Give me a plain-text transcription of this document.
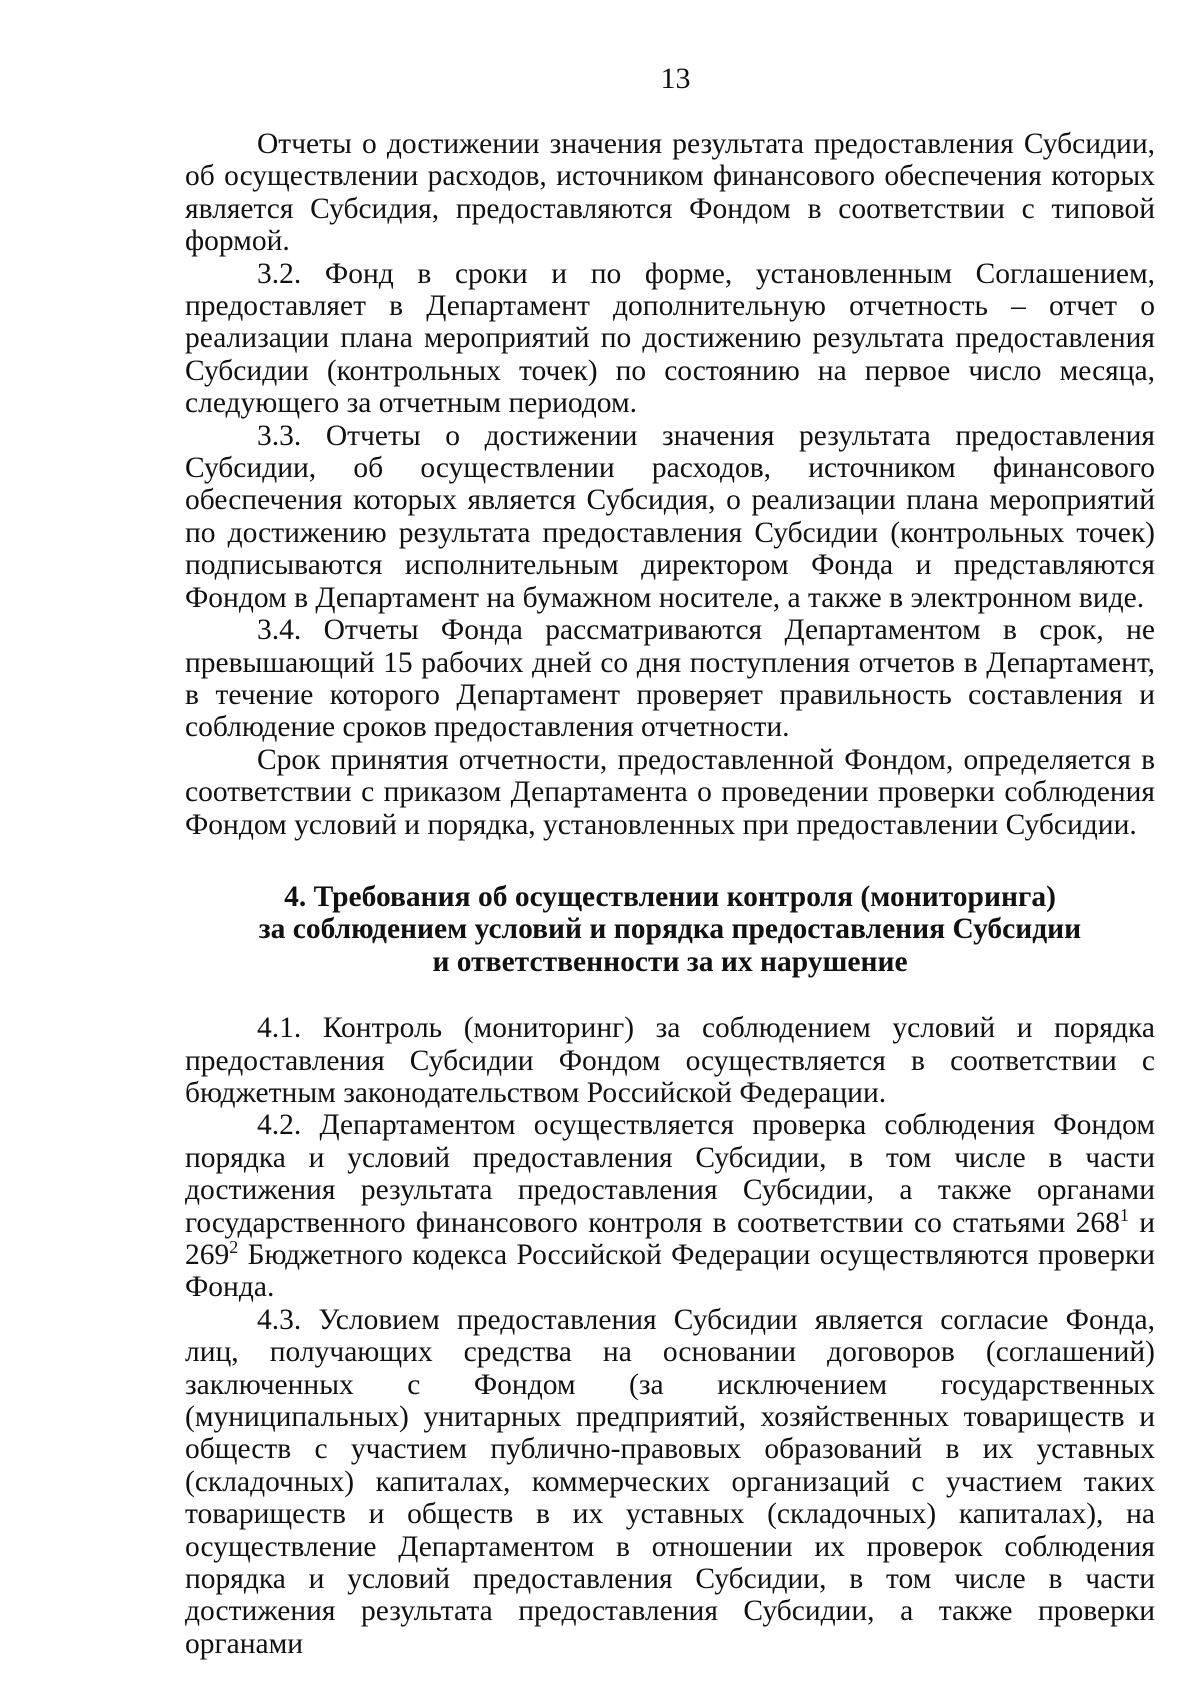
13

Отчеты о достижении значения результата предоставления Субсидии, об осуществлении расходов, источником финансового обеспечения которых является Субсидия, предоставляются Фондом в соответствии с типовой формой.

3.2. Фонд в сроки и по форме, установленным Соглашением, предоставляет в Департамент дополнительную отчетность – отчет о реализации плана мероприятий по достижению результата предоставления Субсидии (контрольных точек) по состоянию на первое число месяца, следующего за отчетным периодом.

3.3. Отчеты о достижении значения результата предоставления Субсидии, об осуществлении расходов, источником финансового обеспечения которых является Субсидия, о реализации плана мероприятий по достижению результата предоставления Субсидии (контрольных точек) подписываются исполнительным директором Фонда и представляются Фондом в Департамент на бумажном носителе, а также в электронном виде.

3.4. Отчеты Фонда рассматриваются Департаментом в срок, не превышающий 15 рабочих дней со дня поступления отчетов в Департамент, в течение которого Департамент проверяет правильность составления и соблюдение сроков предоставления отчетности.

Срок принятия отчетности, предоставленной Фондом, определяется в соответствии с приказом Департамента о проведении проверки соблюдения Фондом условий и порядка, установленных при предоставлении Субсидии.

4. Требования об осуществлении контроля (мониторинга)
за соблюдением условий и порядка предоставления Субсидии
и ответственности за их нарушение

4.1. Контроль (мониторинг) за соблюдением условий и порядка предоставления Субсидии Фондом осуществляется в соответствии с бюджетным законодательством Российской Федерации.

4.2. Департаментом осуществляется проверка соблюдения Фондом порядка и условий предоставления Субсидии, в том числе в части достижения результата предоставления Субсидии, а также органами государственного финансового контроля в соответствии со статьями $268^1$ и $269^2$ Бюджетного кодекса Российской Федерации осуществляются проверки Фонда.

4.3. Условием предоставления Субсидии является согласие Фонда, лиц, получающих средства на основании договоров (соглашений) заключенных с Фондом (за исключением государственных (муниципальных) унитарных предприятий, хозяйственных товариществ и обществ с участием публично-правовых образований в их уставных (складочных) капиталах, коммерческих организаций с участием таких товариществ и обществ в их уставных (складочных) капиталах), на осуществление Департаментом в отношении их проверок соблюдения порядка и условий предоставления Субсидии, в том числе в части достижения результата предоставления Субсидии, а также проверки органами
